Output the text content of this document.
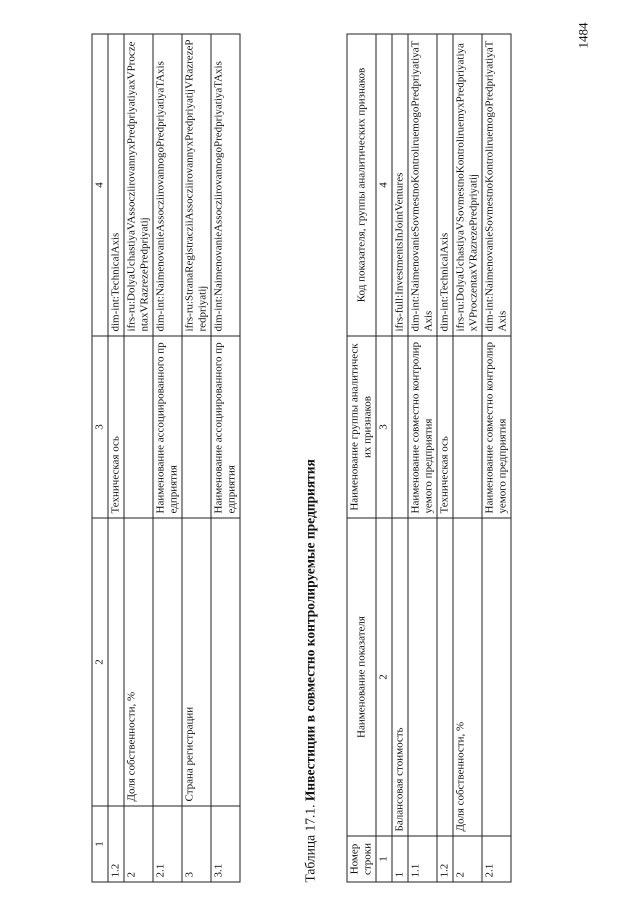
1484
1	2	3	4
1.2		Техническая ось	dim-int:TechnicalAxis
2	Доля собственности, %		ifrs-ru:DolyaUchastiyaVAssocziirovannyxPredpriyatiyaxVProczentaxVRazrezePredpriyatij
2.1		Наименование ассоциированного предприятия	dim-int:NaimenovanieAssocziirovannogoPredpriyatiyaTAxis
3	Страна регистрации		ifrs-ru:StranaRegistracziiAssocziirovannyxPredpriyatijVRazrezePredpriyatij
3.1		Наименование ассоциированного предприятия	dim-int:NaimenovanieAssocziirovannogoPredpriyatiyaTAxis
Таблица 17.1. Инвестиции в совместно контролируемые предприятия
Номер строки	Наименование показателя	Наименование группы аналитических признаков	Код показателя, группы аналитических признаков
1	2	3	4
1	Балансовая стоимость		ifrs-full:InvestmentsInJointVentures
1.1		Наименование совместно контролируемого предприятия	dim-int:NaimenovanieSovmestnoKontroliruemogoPredpriyatiyaTAxis
1.2		Техническая ось	dim-int:TechnicalAxis
2	Доля собственности, %		ifrs-ru:DolyaUchastiyaVSovmestnoKontroliruemyxPredpriyatiyaxVProczentaxVRazrezePredpriyatij
2.1		Наименование совместно контролируемого предприятия	dim-int:NaimenovanieSovmestnoKontroliruemogoPredpriyatiyaTAxis
